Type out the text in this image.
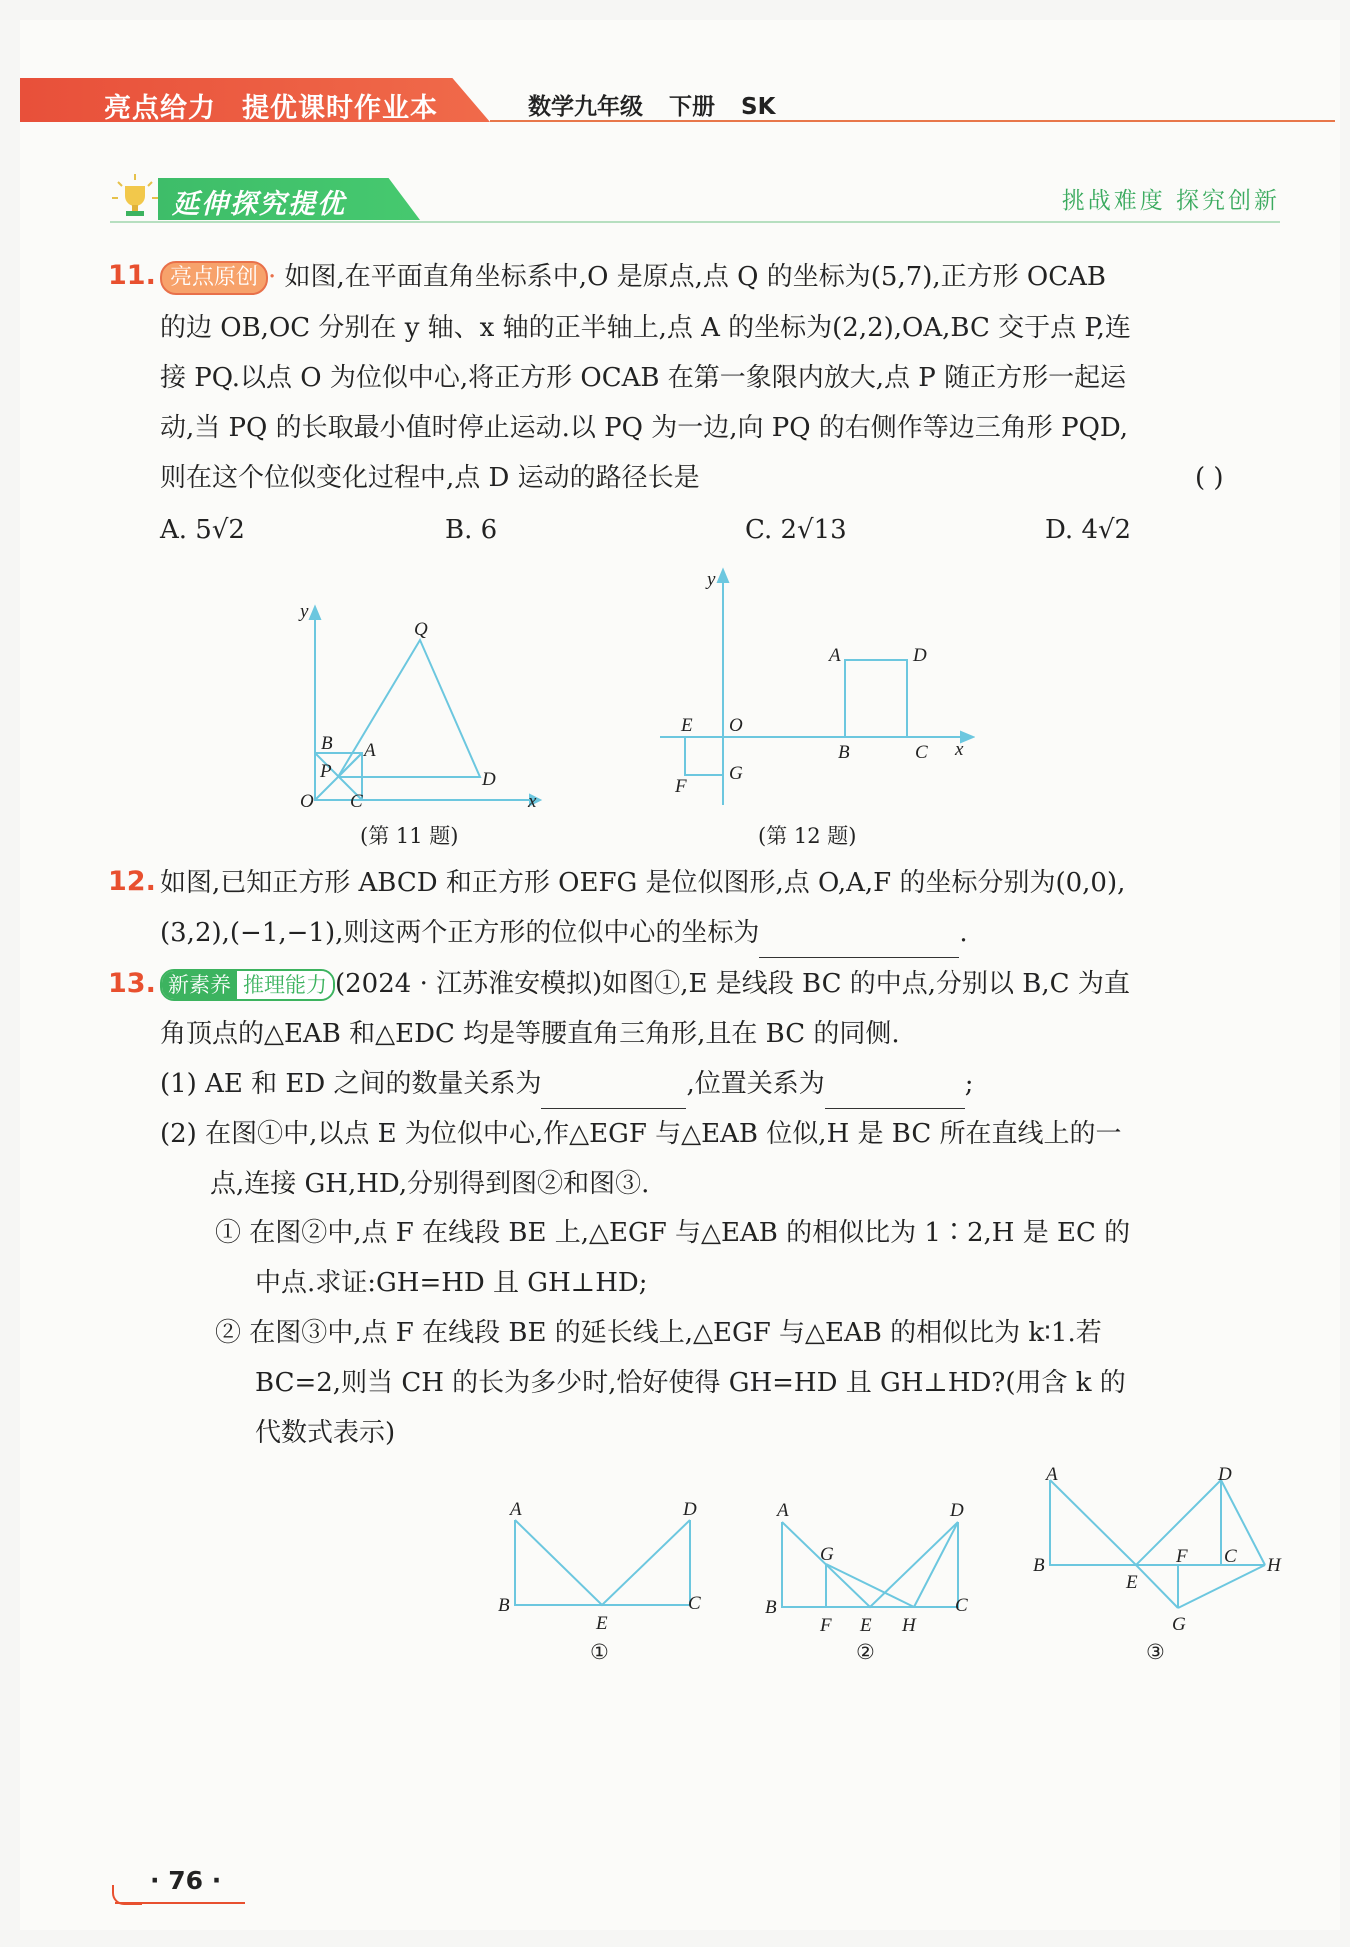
亮点给力 提优课时作业本	数学九年级 下册 SK
延伸探究提优	挑战难度 探究创新
11. 亮点原创 · 如图,在平面直角坐标系中,O 是原点,点 Q 的坐标为(5,7),正方形 OCAB
的边 OB,OC 分别在 y 轴、x 轴的正半轴上,点 A 的坐标为(2,2),OA,BC 交于点 P,连
接 PQ.以点 O 为位似中心,将正方形 OCAB 在第一象限内放大,点 P 随正方形一起运
动,当 PQ 的长取最小值时停止运动.以 PQ 为一边,向 PQ 的右侧作等边三角形 PQD,
则在这个位似变化过程中,点 D 运动的路径长是	( )
A. 5√2	B. 6	C. 2√13	D. 4√2
y
Q
B A
P	D
O C	x
(第 11 题)
y
A	D
E O
B	C x
F
G
(第 12 题)
12. 如图,已知正方形 ABCD 和正方形 OEFG 是位似图形,点 O,A,F 的坐标分别为(0,0),
(3,2),(−1,−1),则这两个正方形的位似中心的坐标为	.
13. 新素养 推理能力 (2024 · 江苏淮安模拟)如图①,E 是线段 BC 的中点,分别以 B,C 为直
角顶点的△EAB 和△EDC 均是等腰直角三角形,且在 BC 的同侧.
(1) AE 和 ED 之间的数量关系为	,位置关系为	;
(2) 在图①中,以点 E 为位似中心,作△EGF 与△EAB 位似,H 是 BC 所在直线上的一
点,连接 GH,HD,分别得到图②和图③.
① 在图②中,点 F 在线段 BE 上,△EGF 与△EAB 的相似比为 1∶2,H 是 EC 的
中点.求证:GH=HD 且 GH⊥HD;
② 在图③中,点 F 在线段 BE 的延长线上,△EGF 与△EAB 的相似比为 k∶1.若
BC=2,则当 CH 的长为多少时,恰好使得 GH=HD 且 GH⊥HD?(用含 k 的
代数式表示)
A	D
B
E
C
①
A	D
G
B
F E H
C
②
A	D
B	F C H
E
G
③
· 76 ·
